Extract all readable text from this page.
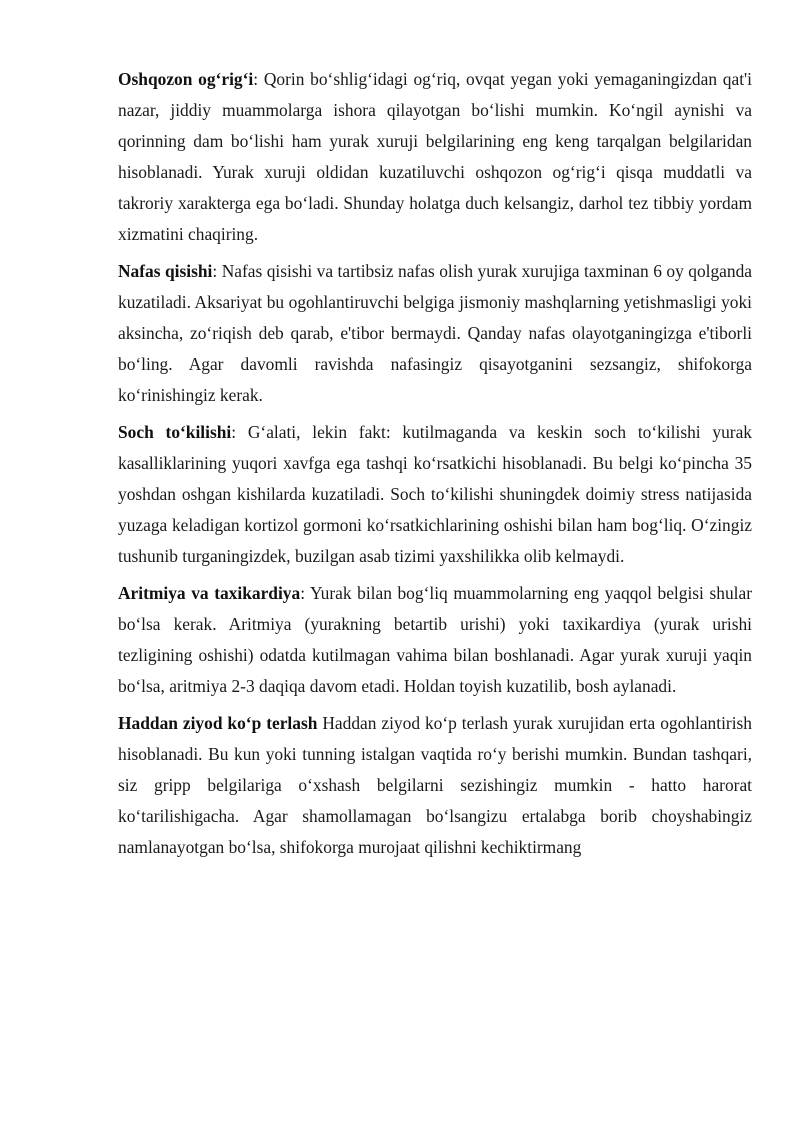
Oshqozon og‘rig‘i: Qorin bo‘shlig‘idagi og‘riq, ovqat yegan yoki yemaganingizdan qat'i nazar, jiddiy muammolarga ishora qilayotgan bo‘lishi mumkin. Ko‘ngil aynishi va qorinning dam bo‘lishi ham yurak xuruji belgilarining eng keng tarqalgan belgilaridan hisoblanadi. Yurak xuruji oldidan kuzatiluvchi oshqozon og‘rig‘i qisqa muddatli va takroriy xarakterga ega bo‘ladi. Shunday holatga duch kelsangiz, darhol tez tibbiy yordam xizmatini chaqiring.

Nafas qisishi: Nafas qisishi va tartibsiz nafas olish yurak xurujiga taxminan 6 oy qolganda kuzatiladi. Aksariyat bu ogohlantiruvchi belgiga jismoniy mashqlarning yetishmasligi yoki aksincha, zo‘riqish deb qarab, e'tibor bermaydi. Qanday nafas olayotganingizga e'tiborli bo‘ling. Agar davomli ravishda nafasingiz qisayotganini sezsangiz, shifokorga ko‘rinishingiz kerak.

Soch to‘kilishi: G‘alati, lekin fakt: kutilmaganda va keskin soch to‘kilishi yurak kasalliklarining yuqori xavfga ega tashqi ko‘rsatkichi hisoblanadi. Bu belgi ko‘pincha 35 yoshdan oshgan kishilarda kuzatiladi. Soch to‘kilishi shuningdek doimiy stress natijasida yuzaga keladigan kortizol gormoni ko‘rsatkichlarining oshishi bilan ham bog‘liq. O‘zingiz tushunib turganingizdek, buzilgan asab tizimi yaxshilikka olib kelmaydi.

Aritmiya va taxikardiya: Yurak bilan bog‘liq muammolarning eng yaqqol belgisi shular bo‘lsa kerak. Aritmiya (yurakning betartib urishi) yoki taxikardiya (yurak urishi tezligining oshishi) odatda kutilmagan vahima bilan boshlanadi. Agar yurak xuruji yaqin bo‘lsa, aritmiya 2-3 daqiqa davom etadi. Holdan toyish kuzatilib, bosh aylanadi.

Haddan ziyod ko‘p terlash Haddan ziyod ko‘p terlash yurak xurujidan erta ogohlantirish hisoblanadi. Bu kun yoki tunning istalgan vaqtida ro‘y berishi mumkin. Bundan tashqari, siz gripp belgilariga o‘xshash belgilarni sezishingiz mumkin - hatto harorat ko‘tarilishigacha. Agar shamollamagan bo‘lsangizu ertalabga borib choyshabingiz namlanayotgan bo‘lsa, shifokorga murojaat qilishni kechiktirmang
